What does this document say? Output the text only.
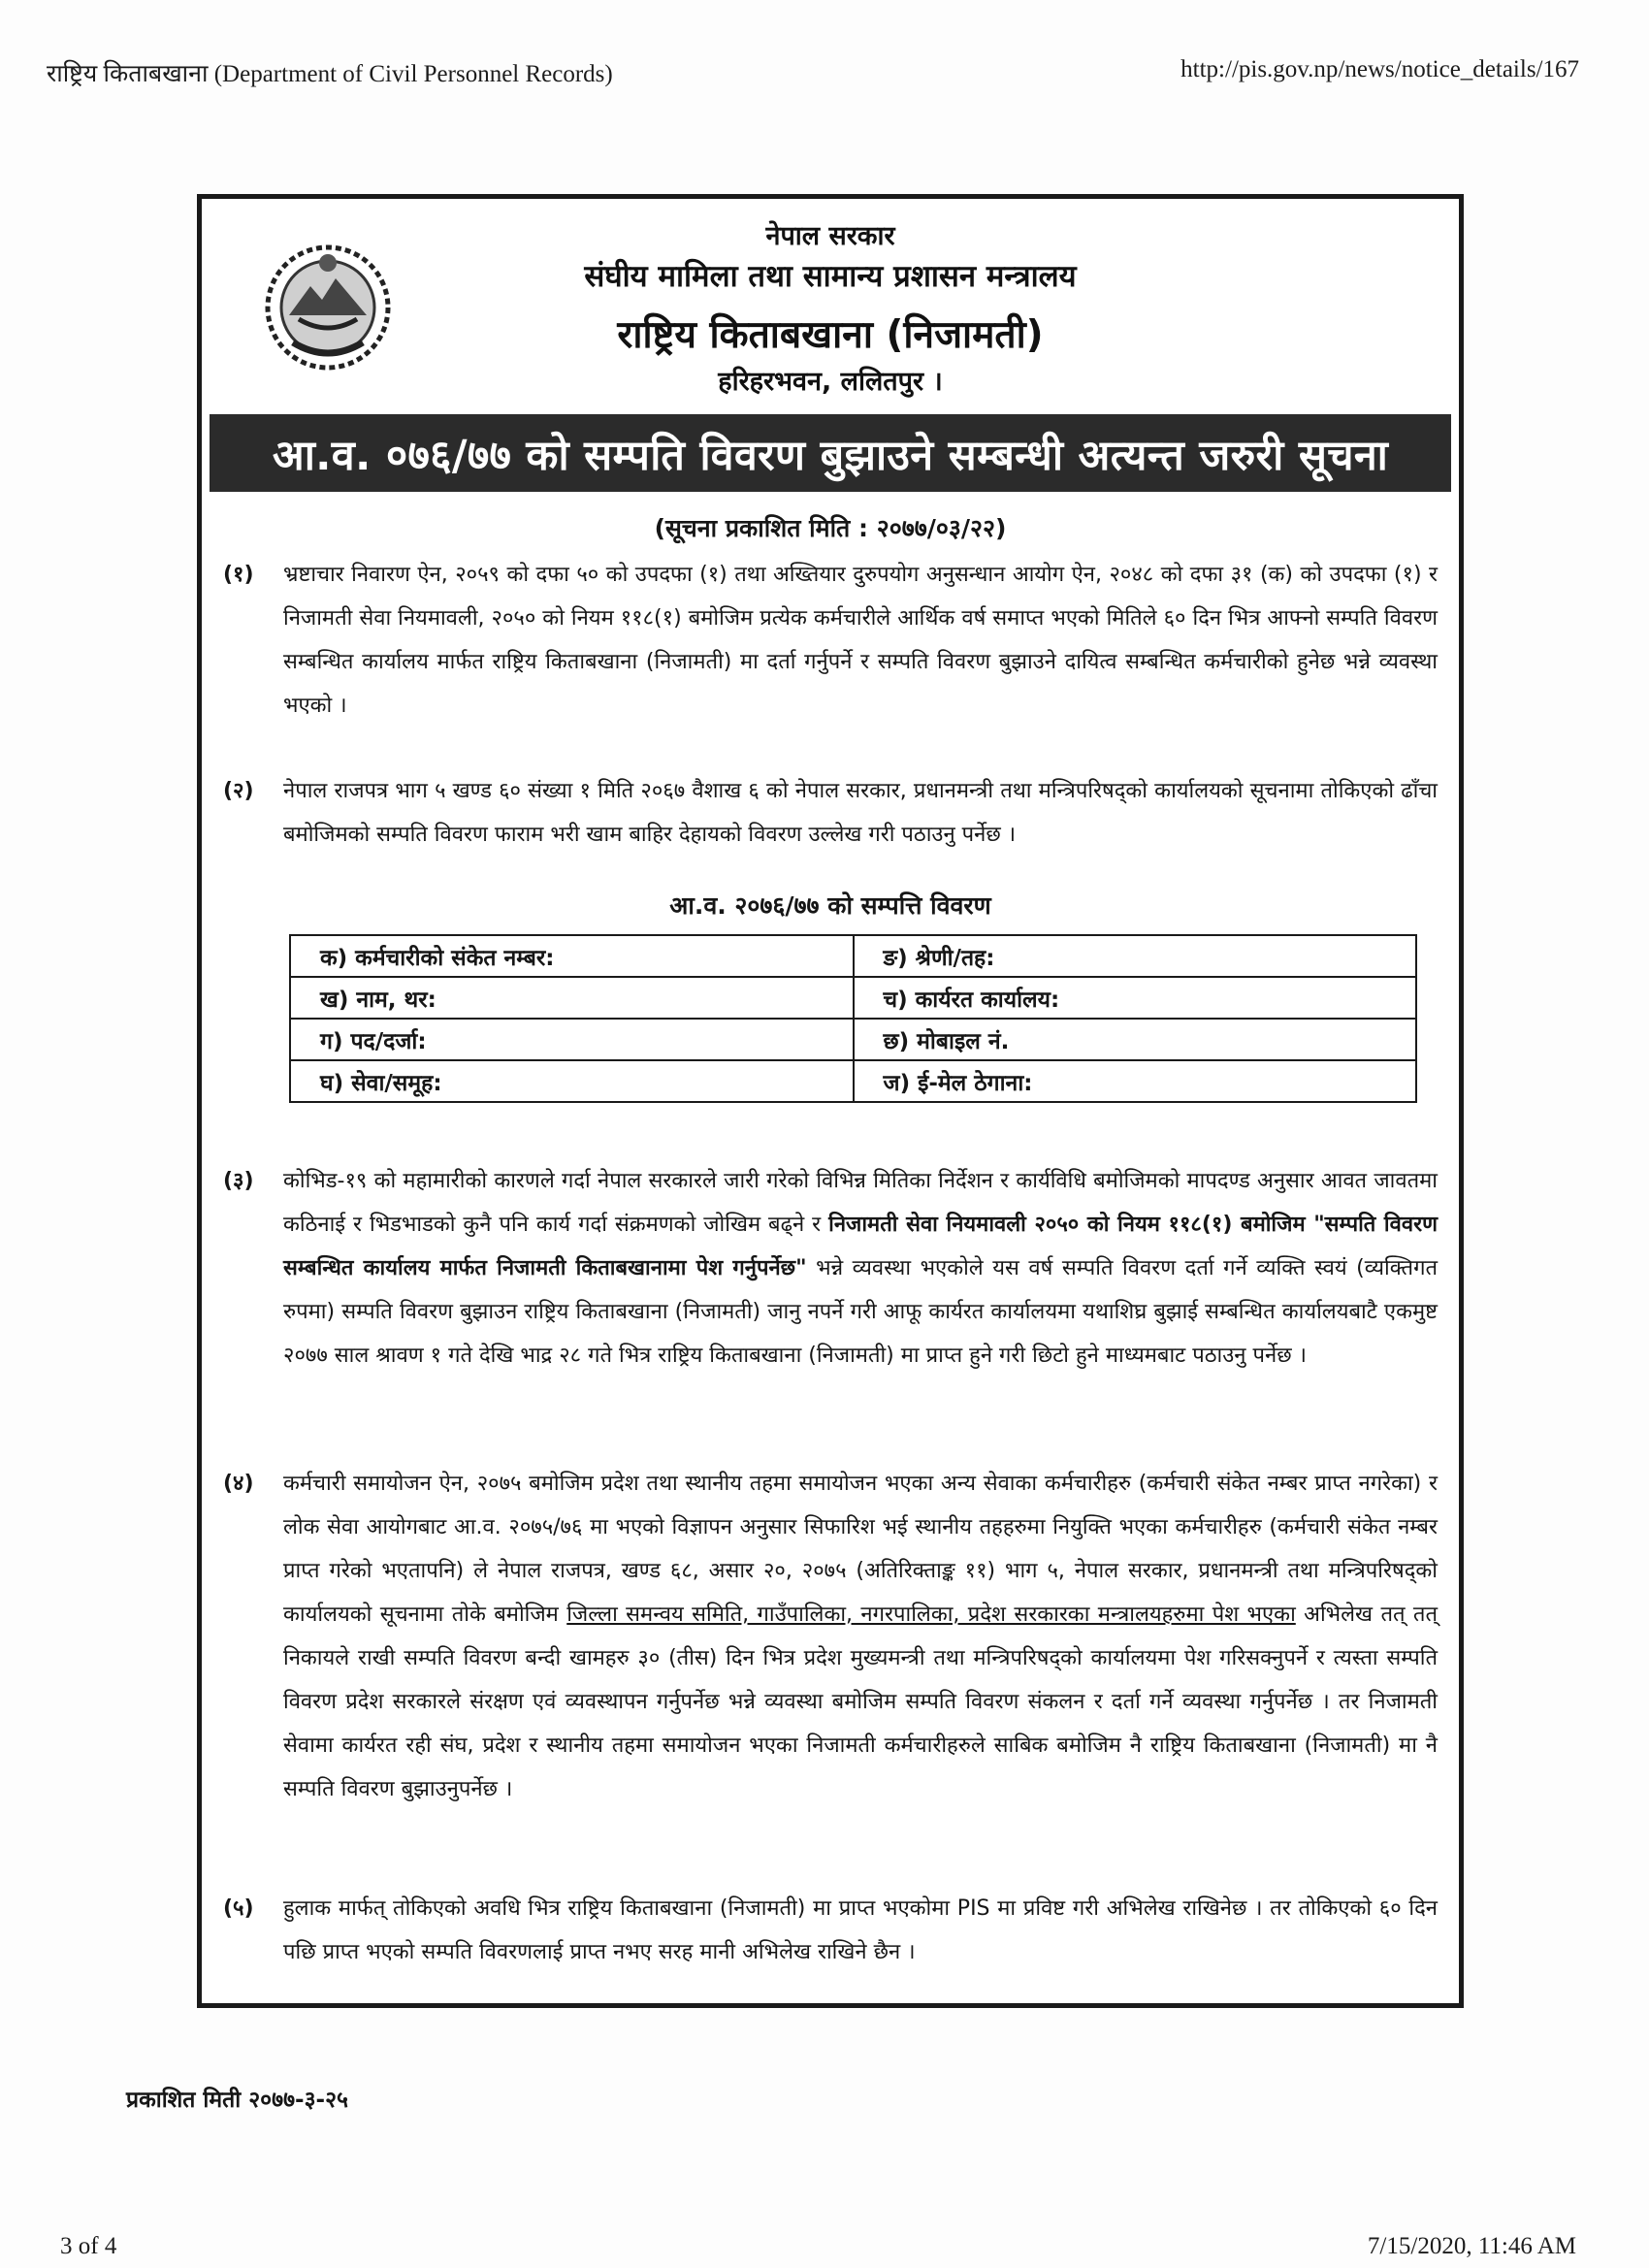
राष्ट्रिय किताबखाना (Department of Civil Personnel Records)	http://pis.gov.np/news/notice_details/167
नेपाल सरकार
संघीय मामिला तथा सामान्य प्रशासन मन्त्रालय
राष्ट्रिय किताबखाना (निजामती)
हरिहरभवन, ललितपुर ।
आ.व. ०७६/७७ को सम्पति विवरण बुझाउने सम्बन्धी अत्यन्त जरुरी सूचना
(सूचना प्रकाशित मिति : २०७७/०३/२२)
(१)	भ्रष्टाचार निवारण ऐन, २०५९ को दफा ५० को उपदफा (१) तथा अख्तियार दुरुपयोग अनुसन्धान आयोग ऐन, २०४८ को दफा ३१ (क) को उपदफा (१) र निजामती सेवा नियमावली, २०५० को नियम ११८(१) बमोजिम प्रत्येक कर्मचारीले आर्थिक वर्ष समाप्त भएको मितिले ६० दिन भित्र आफ्नो सम्पति विवरण सम्बन्धित कार्यालय मार्फत राष्ट्रिय किताबखाना (निजामती) मा दर्ता गर्नुपर्ने र सम्पति विवरण बुझाउने दायित्व सम्बन्धित कर्मचारीको हुनेछ भन्ने व्यवस्था भएको ।
(२)	नेपाल राजपत्र भाग ५ खण्ड ६० संख्या १ मिति २०६७ वैशाख ६ को नेपाल सरकार, प्रधानमन्त्री तथा मन्त्रिपरिषद्को कार्यालयको सूचनामा तोकिएको ढाँचा बमोजिमको सम्पति विवरण फाराम भरी खाम बाहिर देहायको विवरण उल्लेख गरी पठाउनु पर्नेछ ।
आ.व. २०७६/७७ को सम्पत्ति विवरण
क) कर्मचारीको संकेत नम्बर:	ङ) श्रेणी/तह:
ख) नाम, थर:	च) कार्यरत कार्यालय:
ग) पद/दर्जा:	छ) मोबाइल नं.
घ) सेवा/समूह:	ज) ई-मेल ठेगाना:
(३)	कोभिड-१९ को महामारीको कारणले गर्दा नेपाल सरकारले जारी गरेको विभिन्न मितिका निर्देशन र कार्यविधि बमोजिमको मापदण्ड अनुसार आवत जावतमा कठिनाई र भिडभाडको कुनै पनि कार्य गर्दा संक्रमणको जोखिम बढ्ने र निजामती सेवा नियमावली २०५० को नियम ११८(१) बमोजिम "सम्पति विवरण सम्बन्धित कार्यालय मार्फत निजामती किताबखानामा पेश गर्नुपर्नेछ" भन्ने व्यवस्था भएकोले यस वर्ष सम्पति विवरण दर्ता गर्ने व्यक्ति स्वयं (व्यक्तिगत रुपमा) सम्पति विवरण बुझाउन राष्ट्रिय किताबखाना (निजामती) जानु नपर्ने गरी आफू कार्यरत कार्यालयमा यथाशिघ्र बुझाई सम्बन्धित कार्यालयबाटै एकमुष्ट २०७७ साल श्रावण १ गते देखि भाद्र २८ गते भित्र राष्ट्रिय किताबखाना (निजामती) मा प्राप्त हुने गरी छिटो हुने माध्यमबाट पठाउनु पर्नेछ ।
(४)	कर्मचारी समायोजन ऐन, २०७५ बमोजिम प्रदेश तथा स्थानीय तहमा समायोजन भएका अन्य सेवाका कर्मचारीहरु (कर्मचारी संकेत नम्बर प्राप्त नगरेका) र लोक सेवा आयोगबाट आ.व. २०७५/७६ मा भएको विज्ञापन अनुसार सिफारिश भई स्थानीय तहहरुमा नियुक्ति भएका कर्मचारीहरु (कर्मचारी संकेत नम्बर प्राप्त गरेको भएतापनि) ले नेपाल राजपत्र, खण्ड ६८, असार २०, २०७५ (अतिरिक्ताङ्क ११) भाग ५, नेपाल सरकार, प्रधानमन्त्री तथा मन्त्रिपरिषद्को कार्यालयको सूचनामा तोके बमोजिम जिल्ला समन्वय समिति, गाउँपालिका, नगरपालिका, प्रदेश सरकारका मन्त्रालयहरुमा पेश भएका अभिलेख तत् तत् निकायले राखी सम्पति विवरण बन्दी खामहरु ३० (तीस) दिन भित्र प्रदेश मुख्यमन्त्री तथा मन्त्रिपरिषद्को कार्यालयमा पेश गरिसक्नुपर्ने र त्यस्ता सम्पति विवरण प्रदेश सरकारले संरक्षण एवं व्यवस्थापन गर्नुपर्नेछ भन्ने व्यवस्था बमोजिम सम्पति विवरण संकलन र दर्ता गर्ने व्यवस्था गर्नुपर्नेछ । तर निजामती सेवामा कार्यरत रही संघ, प्रदेश र स्थानीय तहमा समायोजन भएका निजामती कर्मचारीहरुले साबिक बमोजिम नै राष्ट्रिय किताबखाना (निजामती) मा नै सम्पति विवरण बुझाउनुपर्नेछ ।
(५)	हुलाक मार्फत् तोकिएको अवधि भित्र राष्ट्रिय किताबखाना (निजामती) मा प्राप्त भएकोमा PIS मा प्रविष्ट गरी अभिलेख राखिनेछ । तर तोकिएको ६० दिन पछि प्राप्त भएको सम्पति विवरणलाई प्राप्त नभए सरह मानी अभिलेख राखिने छैन ।
प्रकाशित मिती २०७७-३-२५
3 of 4	7/15/2020, 11:46 AM
